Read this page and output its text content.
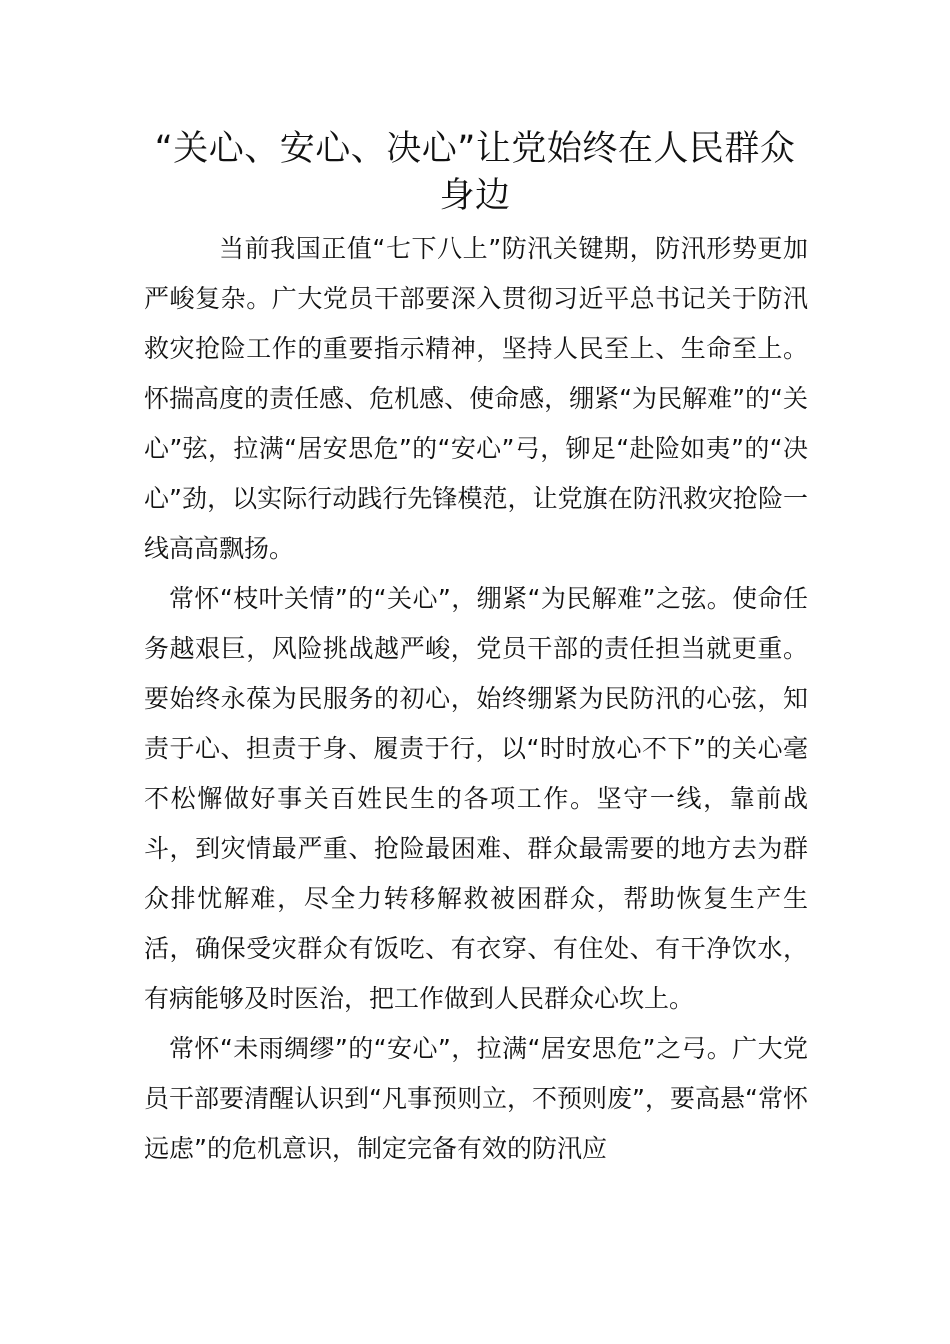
“关心、安心、决心”让党始终在人民群众身边

当前我国正值“七下八上”防汛关键期，防汛形势更加严峻复杂。广大党员干部要深入贯彻习近平总书记关于防汛救灾抢险工作的重要指示精神，坚持人民至上、生命至上。怀揣高度的责任感、危机感、使命感，绷紧“为民解难”的“关心”弦，拉满“居安思危”的“安心”弓，铆足“赴险如夷”的“决心”劲，以实际行动践行先锋模范，让党旗在防汛救灾抢险一线高高飘扬。

常怀“枝叶关情”的“关心”，绷紧“为民解难”之弦。使命任务越艰巨，风险挑战越严峻，党员干部的责任担当就更重。要始终永葆为民服务的初心，始终绷紧为民防汛的心弦，知责于心、担责于身、履责于行，以“时时放心不下”的关心毫不松懈做好事关百姓民生的各项工作。坚守一线，靠前战斗，到灾情最严重、抢险最困难、群众最需要的地方去为群众排忧解难，尽全力转移解救被困群众，帮助恢复生产生活，确保受灾群众有饭吃、有衣穿、有住处、有干净饮水，有病能够及时医治，把工作做到人民群众心坎上。

常怀“未雨绸缪”的“安心”，拉满“居安思危”之弓。广大党员干部要清醒认识到“凡事预则立，不预则废”，要高悬“常怀远虑”的危机意识，制定完备有效的防汛应
